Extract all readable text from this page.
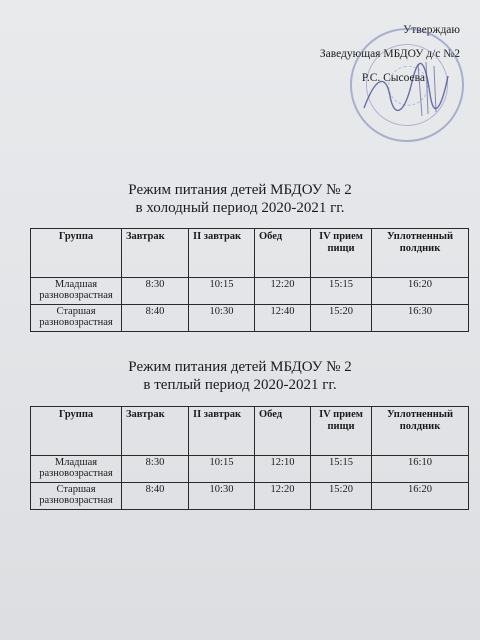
Утверждаю
Заведующая МБДОУ д/с №2
Р.С. Сысоева
Режим питания детей МБДОУ № 2
в холодный период 2020-2021 гг.
Группа	Завтрак	II завтрак	Обед	IV прием пищи	Уплотненный полдник
Младшая разновозрастная	8:30	10:15	12:20	15:15	16:20
Старшая разновозрастная	8:40	10:30	12:40	15:20	16:30
Режим питания детей МБДОУ № 2
в теплый период 2020-2021 гг.
Группа	Завтрак	II завтрак	Обед	IV прием пищи	Уплотненный полдник
Младшая разновозрастная	8:30	10:15	12:10	15:15	16:10
Старшая разновозрастная	8:40	10:30	12:20	15:20	16:20
